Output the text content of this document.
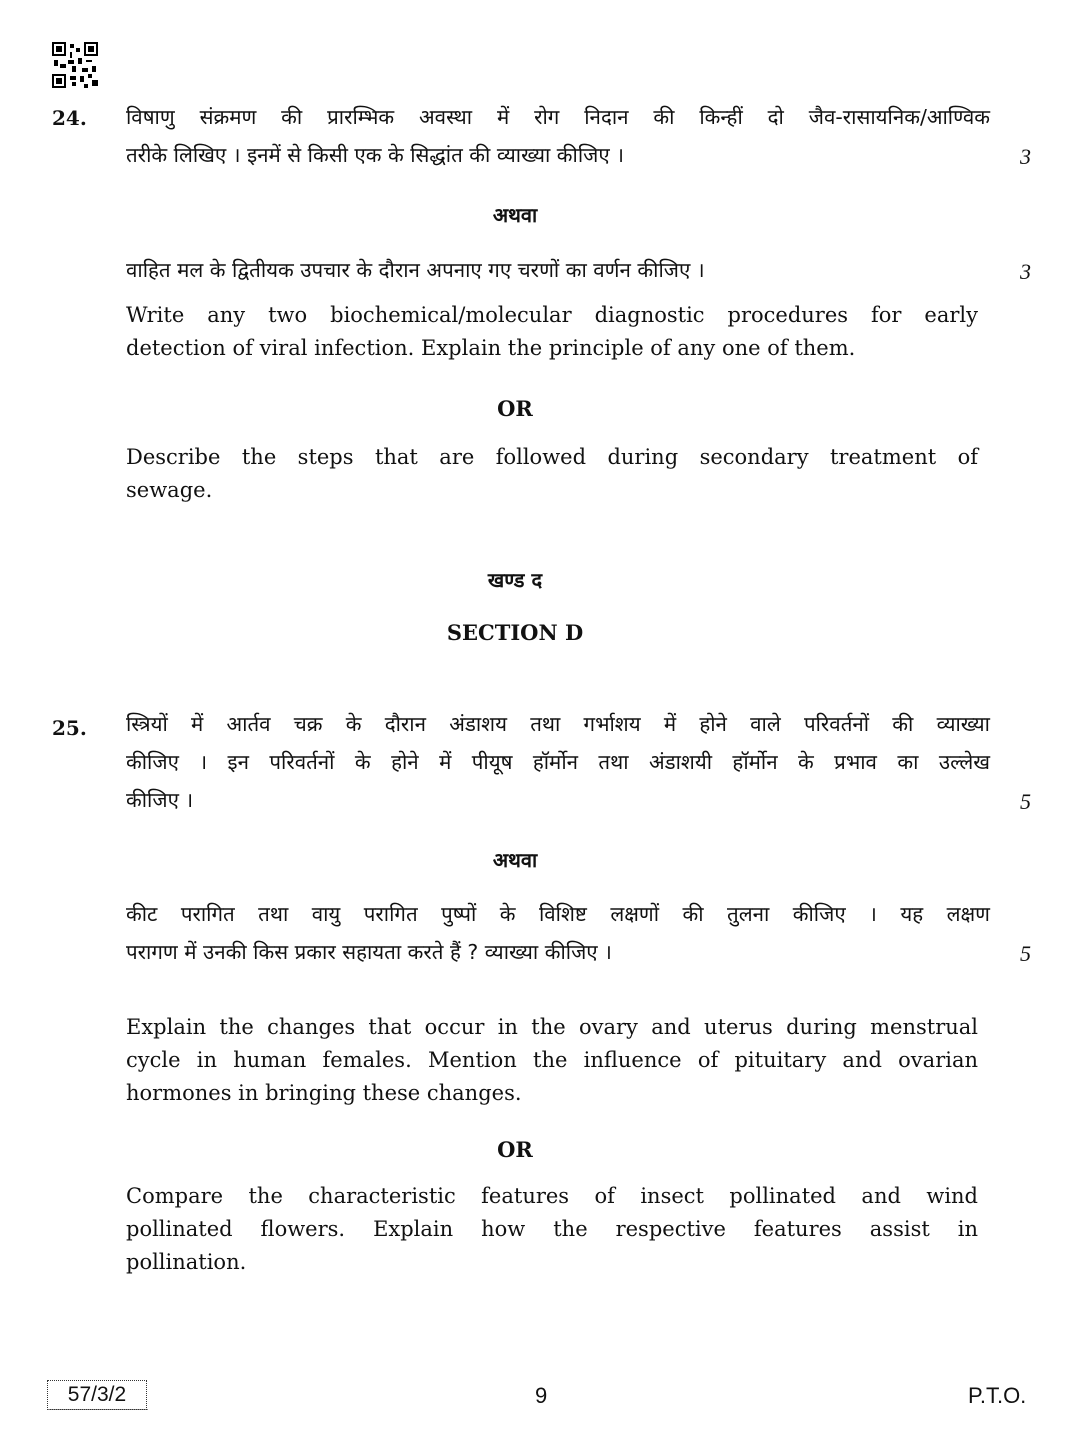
24. विषाणु संक्रमण की प्रारम्भिक अवस्था में रोग निदान की किन्हीं दो जैव-रासायनिक/आण्विक
तरीके लिखिए । इनमें से किसी एक के सिद्धांत की व्याख्या कीजिए ।	3
अथवा
वाहित मल के द्वितीयक उपचार के दौरान अपनाए गए चरणों का वर्णन कीजिए ।	3
Write any two biochemical/molecular diagnostic procedures for early
detection of viral infection. Explain the principle of any one of them.
OR
Describe the steps that are followed during secondary treatment of
sewage.
खण्ड द
SECTION D
25. स्त्रियों में आर्तव चक्र के दौरान अंडाशय तथा गर्भाशय में होने वाले परिवर्तनों की व्याख्या
कीजिए । इन परिवर्तनों के होने में पीयूष हॉर्मोन तथा अंडाशयी हॉर्मोन के प्रभाव का उल्लेख
कीजिए ।	5
अथवा
कीट परागित तथा वायु परागित पुष्पों के विशिष्ट लक्षणों की तुलना कीजिए । यह लक्षण
परागण में उनकी किस प्रकार सहायता करते हैं ? व्याख्या कीजिए ।	5
Explain the changes that occur in the ovary and uterus during menstrual
cycle in human females. Mention the influence of pituitary and ovarian
hormones in bringing these changes.
OR
Compare the characteristic features of insect pollinated and wind
pollinated flowers. Explain how the respective features assist in
pollination.
57/3/2	9	P.T.O.
